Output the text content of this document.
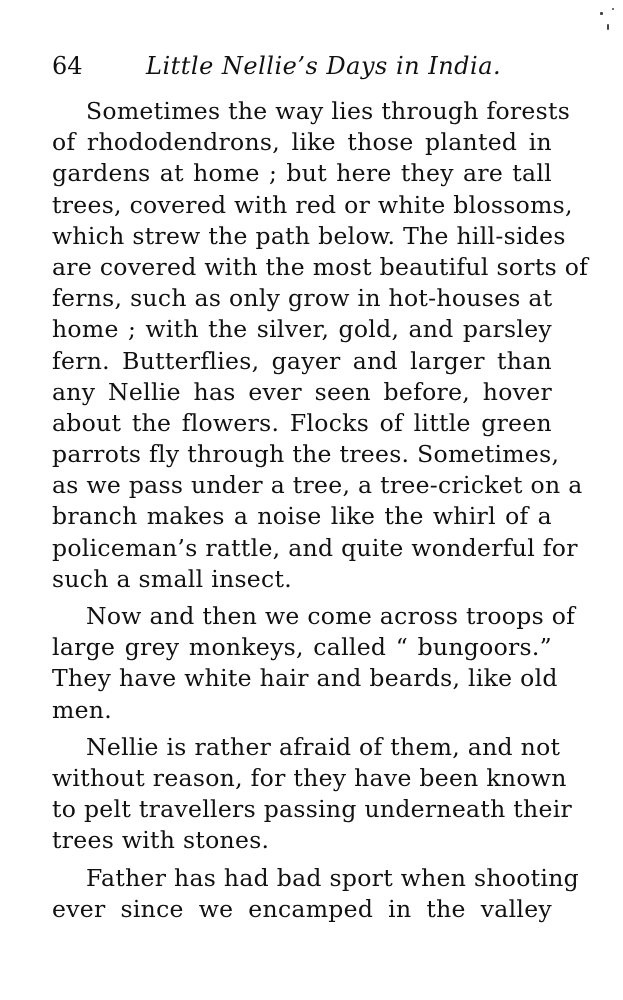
64	Little Nellie’s Days in India.
Sometimes the way lies through forests
of rhododendrons, like those planted in
gardens at home ; but here they are tall
trees, covered with red or white blossoms,
which strew the path below. The hill-sides
are covered with the most beautiful sorts of
ferns, such as only grow in hot-houses at
home ; with the silver, gold, and parsley
fern. Butterflies, gayer and larger than
any Nellie has ever seen before, hover
about the flowers. Flocks of little green
parrots fly through the trees. Sometimes,
as we pass under a tree, a tree-cricket on a
branch makes a noise like the whirl of a
policeman’s rattle, and quite wonderful for
such a small insect.
Now and then we come across troops of
large grey monkeys, called “ bungoors.”
They have white hair and beards, like old
men.
Nellie is rather afraid of them, and not
without reason, for they have been known
to pelt travellers passing underneath their
trees with stones.
Father has had bad sport when shooting
ever since we encamped in the valley
